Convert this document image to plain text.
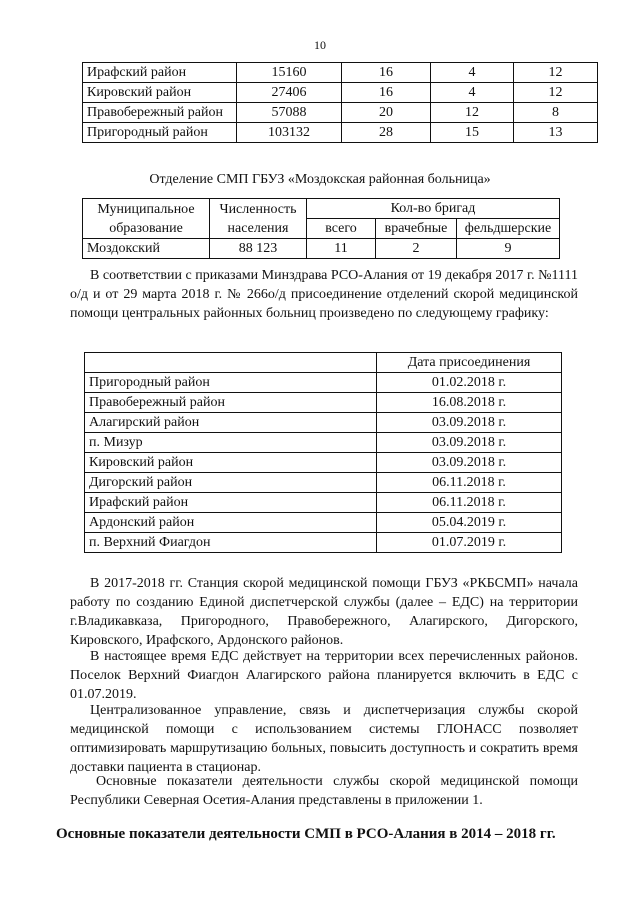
10
Ирафский район	15160	16	4	12
Кировский район	27406	16	4	12
Правобережный район	57088	20	12	8
Пригородный район	103132	28	15	13
Отделение СМП ГБУЗ «Моздокская районная больница»
Муниципальное образование	Численность населения	Кол-во бригад		
		всего	врачебные	фельдшерские
Моздокский	88 123	11	2	9
В соответствии с приказами Минздрава РСО-Алания от 19 декабря 2017 г. №1111 о/д и от 29 марта 2018 г. № 266о/д присоединение отделений скорой медицинской помощи центральных районных больниц произведено по следующему графику:
	Дата присоединения
Пригородный район	01.02.2018 г.
Правобережный район	16.08.2018 г.
Алагирский район	03.09.2018 г.
п. Мизур	03.09.2018 г.
Кировский район	03.09.2018 г.
Дигорский район	06.11.2018 г.
Ирафский район	06.11.2018 г.
Ардонский район	05.04.2019 г.
п. Верхний Фиагдон	01.07.2019 г.
В 2017-2018 гг. Станция скорой медицинской помощи ГБУЗ «РКБСМП» начала работу по созданию Единой диспетчерской службы (далее – ЕДС) на территории г.Владикавказа, Пригородного, Правобережного, Алагирского, Дигорского, Кировского, Ирафского, Ардонского районов.
В настоящее время ЕДС действует на территории всех перечисленных районов. Поселок Верхний Фиагдон Алагирского района планируется включить в ЕДС с 01.07.2019.
Централизованное управление, связь и диспетчеризация службы скорой медицинской помощи с использованием системы ГЛОНАСС позволяет оптимизировать маршрутизацию больных, повысить доступность и сократить время доставки пациента в стационар.
Основные показатели деятельности службы скорой медицинской помощи Республики Северная Осетия-Алания представлены в приложении 1.
Основные показатели деятельности СМП в РСО-Алания в 2014 – 2018 гг.
